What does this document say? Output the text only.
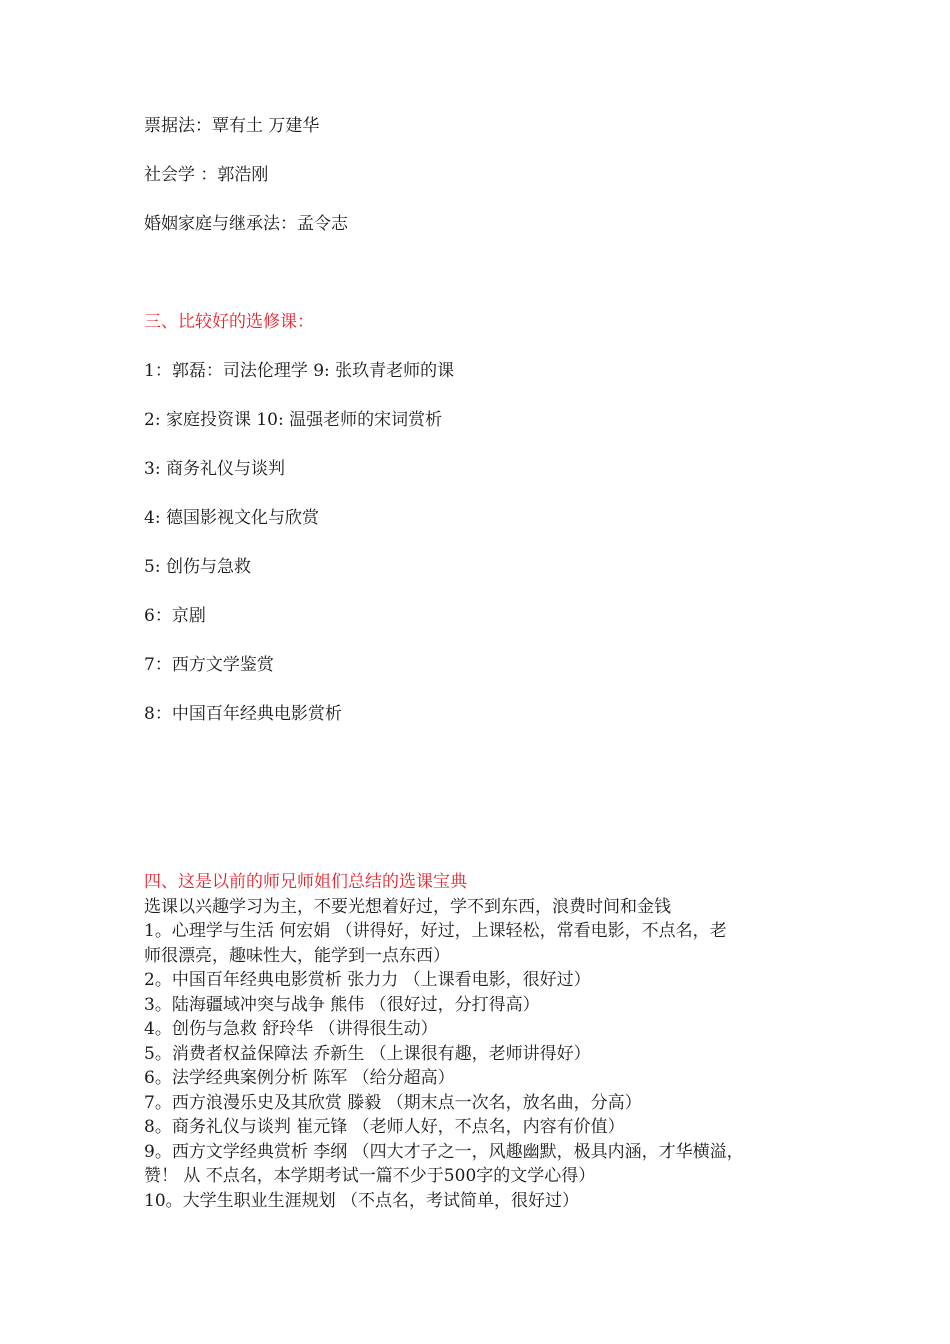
票据法：覃有土 万建华
社会学 ：郭浩刚
婚姻家庭与继承法：孟令志
三、比较好的选修课：
1：郭磊：司法伦理学 9: 张玖青老师的课
2: 家庭投资课 10: 温强老师的宋词赏析
3: 商务礼仪与谈判
4: 德国影视文化与欣赏
5: 创伤与急救
6：京剧
7：西方文学鉴赏
8：中国百年经典电影赏析
四、这是以前的师兄师姐们总结的选课宝典
选课以兴趣学习为主，不要光想着好过，学不到东西，浪费时间和金钱
1。心理学与生活 何宏娟 （讲得好，好过，上课轻松，常看电影，不点名，老
师很漂亮，趣味性大，能学到一点东西）
2。中国百年经典电影赏析 张力力 （上课看电影，很好过）
3。陆海疆域冲突与战争 熊伟 （很好过，分打得高）
4。创伤与急救 舒玲华 （讲得很生动）
5。消费者权益保障法 乔新生 （上课很有趣，老师讲得好）
6。法学经典案例分析 陈军 （给分超高）
7。西方浪漫乐史及其欣赏 滕毅 （期末点一次名，放名曲，分高）
8。商务礼仪与谈判 崔元锋 （老师人好，不点名，内容有价值）
9。西方文学经典赏析 李纲 （四大才子之一，风趣幽默，极具内涵，才华横溢，
赞！ 从 不点名，本学期考试一篇不少于500字的文学心得）
10。大学生职业生涯规划 （不点名，考试简单，很好过）
